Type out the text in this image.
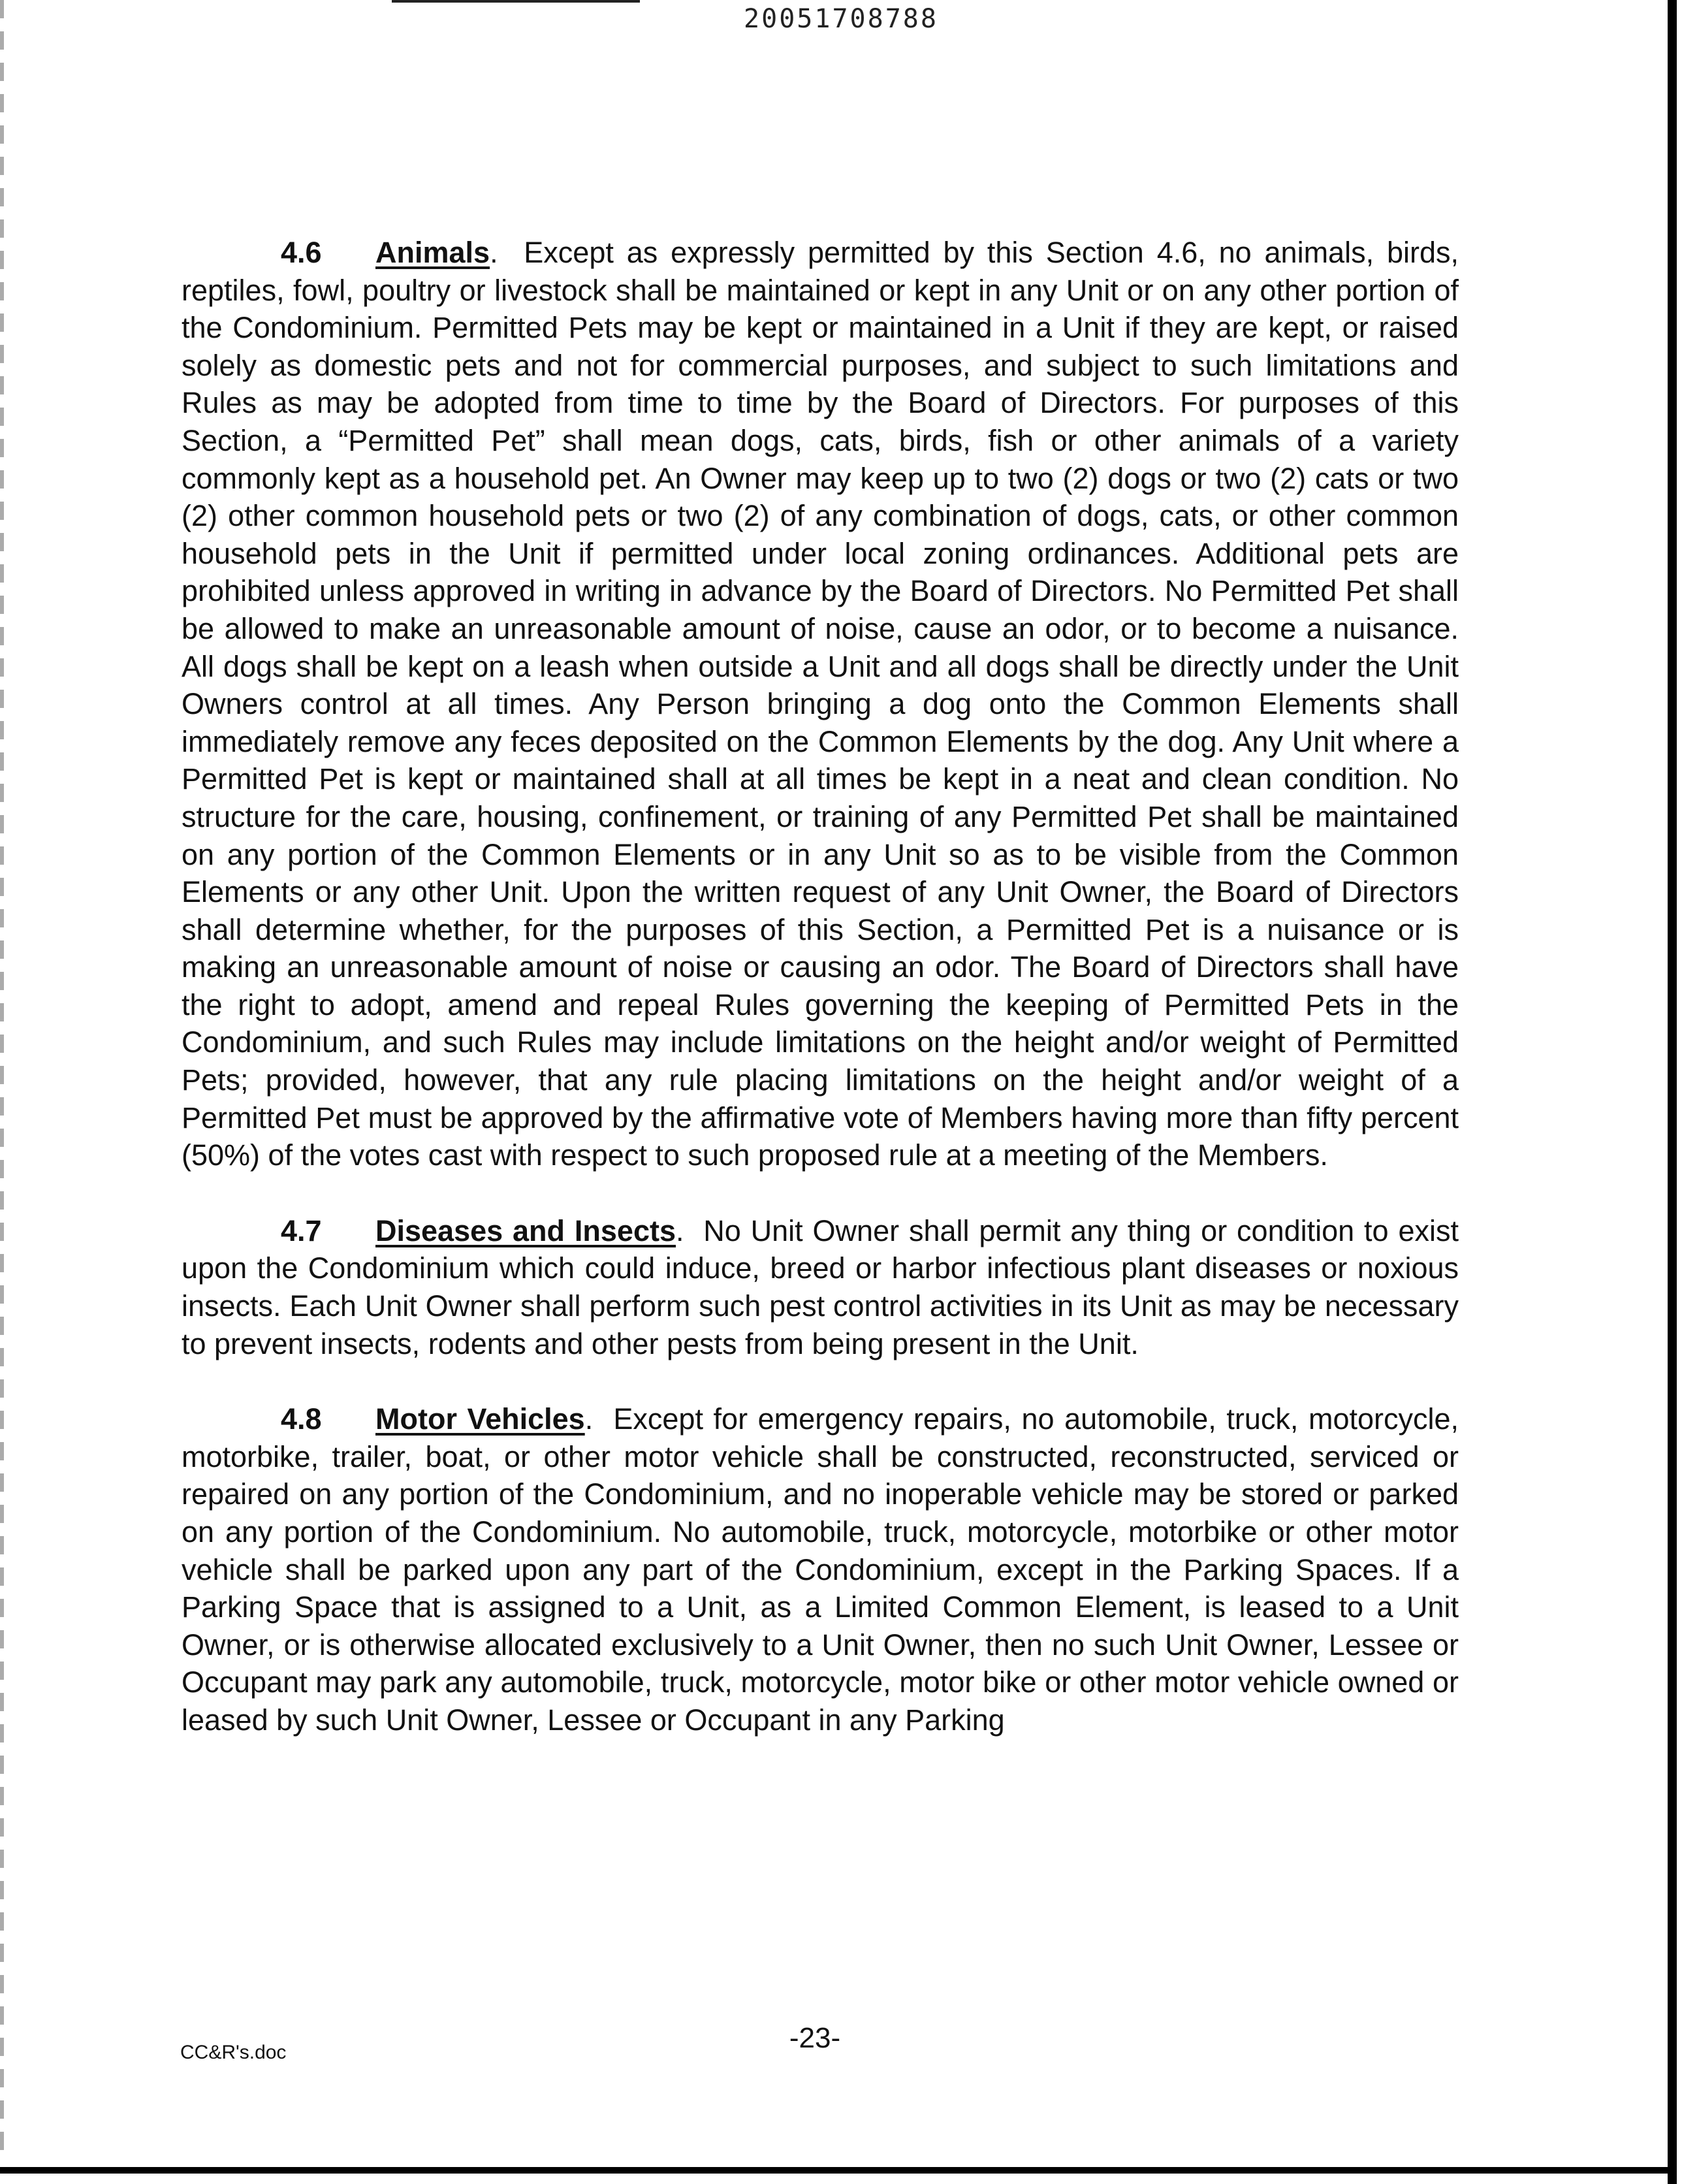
20051708788

4.6 Animals. Except as expressly permitted by this Section 4.6, no animals, birds, reptiles, fowl, poultry or livestock shall be maintained or kept in any Unit or on any other portion of the Condominium. Permitted Pets may be kept or maintained in a Unit if they are kept, or raised solely as domestic pets and not for commercial purposes, and subject to such limitations and Rules as may be adopted from time to time by the Board of Directors. For purposes of this Section, a “Permitted Pet” shall mean dogs, cats, birds, fish or other animals of a variety commonly kept as a household pet. An Owner may keep up to two (2) dogs or two (2) cats or two (2) other common household pets or two (2) of any combination of dogs, cats, or other common household pets in the Unit if permitted under local zoning ordinances. Additional pets are prohibited unless approved in writing in advance by the Board of Directors. No Permitted Pet shall be allowed to make an unreasonable amount of noise, cause an odor, or to become a nuisance. All dogs shall be kept on a leash when outside a Unit and all dogs shall be directly under the Unit Owners control at all times. Any Person bringing a dog onto the Common Elements shall immediately remove any feces deposited on the Common Elements by the dog. Any Unit where a Permitted Pet is kept or maintained shall at all times be kept in a neat and clean condition. No structure for the care, housing, confinement, or training of any Permitted Pet shall be maintained on any portion of the Common Elements or in any Unit so as to be visible from the Common Elements or any other Unit. Upon the written request of any Unit Owner, the Board of Directors shall determine whether, for the purposes of this Section, a Permitted Pet is a nuisance or is making an unreasonable amount of noise or causing an odor. The Board of Directors shall have the right to adopt, amend and repeal Rules governing the keeping of Permitted Pets in the Condominium, and such Rules may include limitations on the height and/or weight of Permitted Pets; provided, however, that any rule placing limitations on the height and/or weight of a Permitted Pet must be approved by the affirmative vote of Members having more than fifty percent (50%) of the votes cast with respect to such proposed rule at a meeting of the Members.

4.7 Diseases and Insects. No Unit Owner shall permit any thing or condition to exist upon the Condominium which could induce, breed or harbor infectious plant diseases or noxious insects. Each Unit Owner shall perform such pest control activities in its Unit as may be necessary to prevent insects, rodents and other pests from being present in the Unit.

4.8 Motor Vehicles. Except for emergency repairs, no automobile, truck, motorcycle, motorbike, trailer, boat, or other motor vehicle shall be constructed, reconstructed, serviced or repaired on any portion of the Condominium, and no inoperable vehicle may be stored or parked on any portion of the Condominium. No automobile, truck, motorcycle, motorbike or other motor vehicle shall be parked upon any part of the Condominium, except in the Parking Spaces. If a Parking Space that is assigned to a Unit, as a Limited Common Element, is leased to a Unit Owner, or is otherwise allocated exclusively to a Unit Owner, then no such Unit Owner, Lessee or Occupant may park any automobile, truck, motorcycle, motor bike or other motor vehicle owned or leased by such Unit Owner, Lessee or Occupant in any Parking

-23-
CC&R's.doc
